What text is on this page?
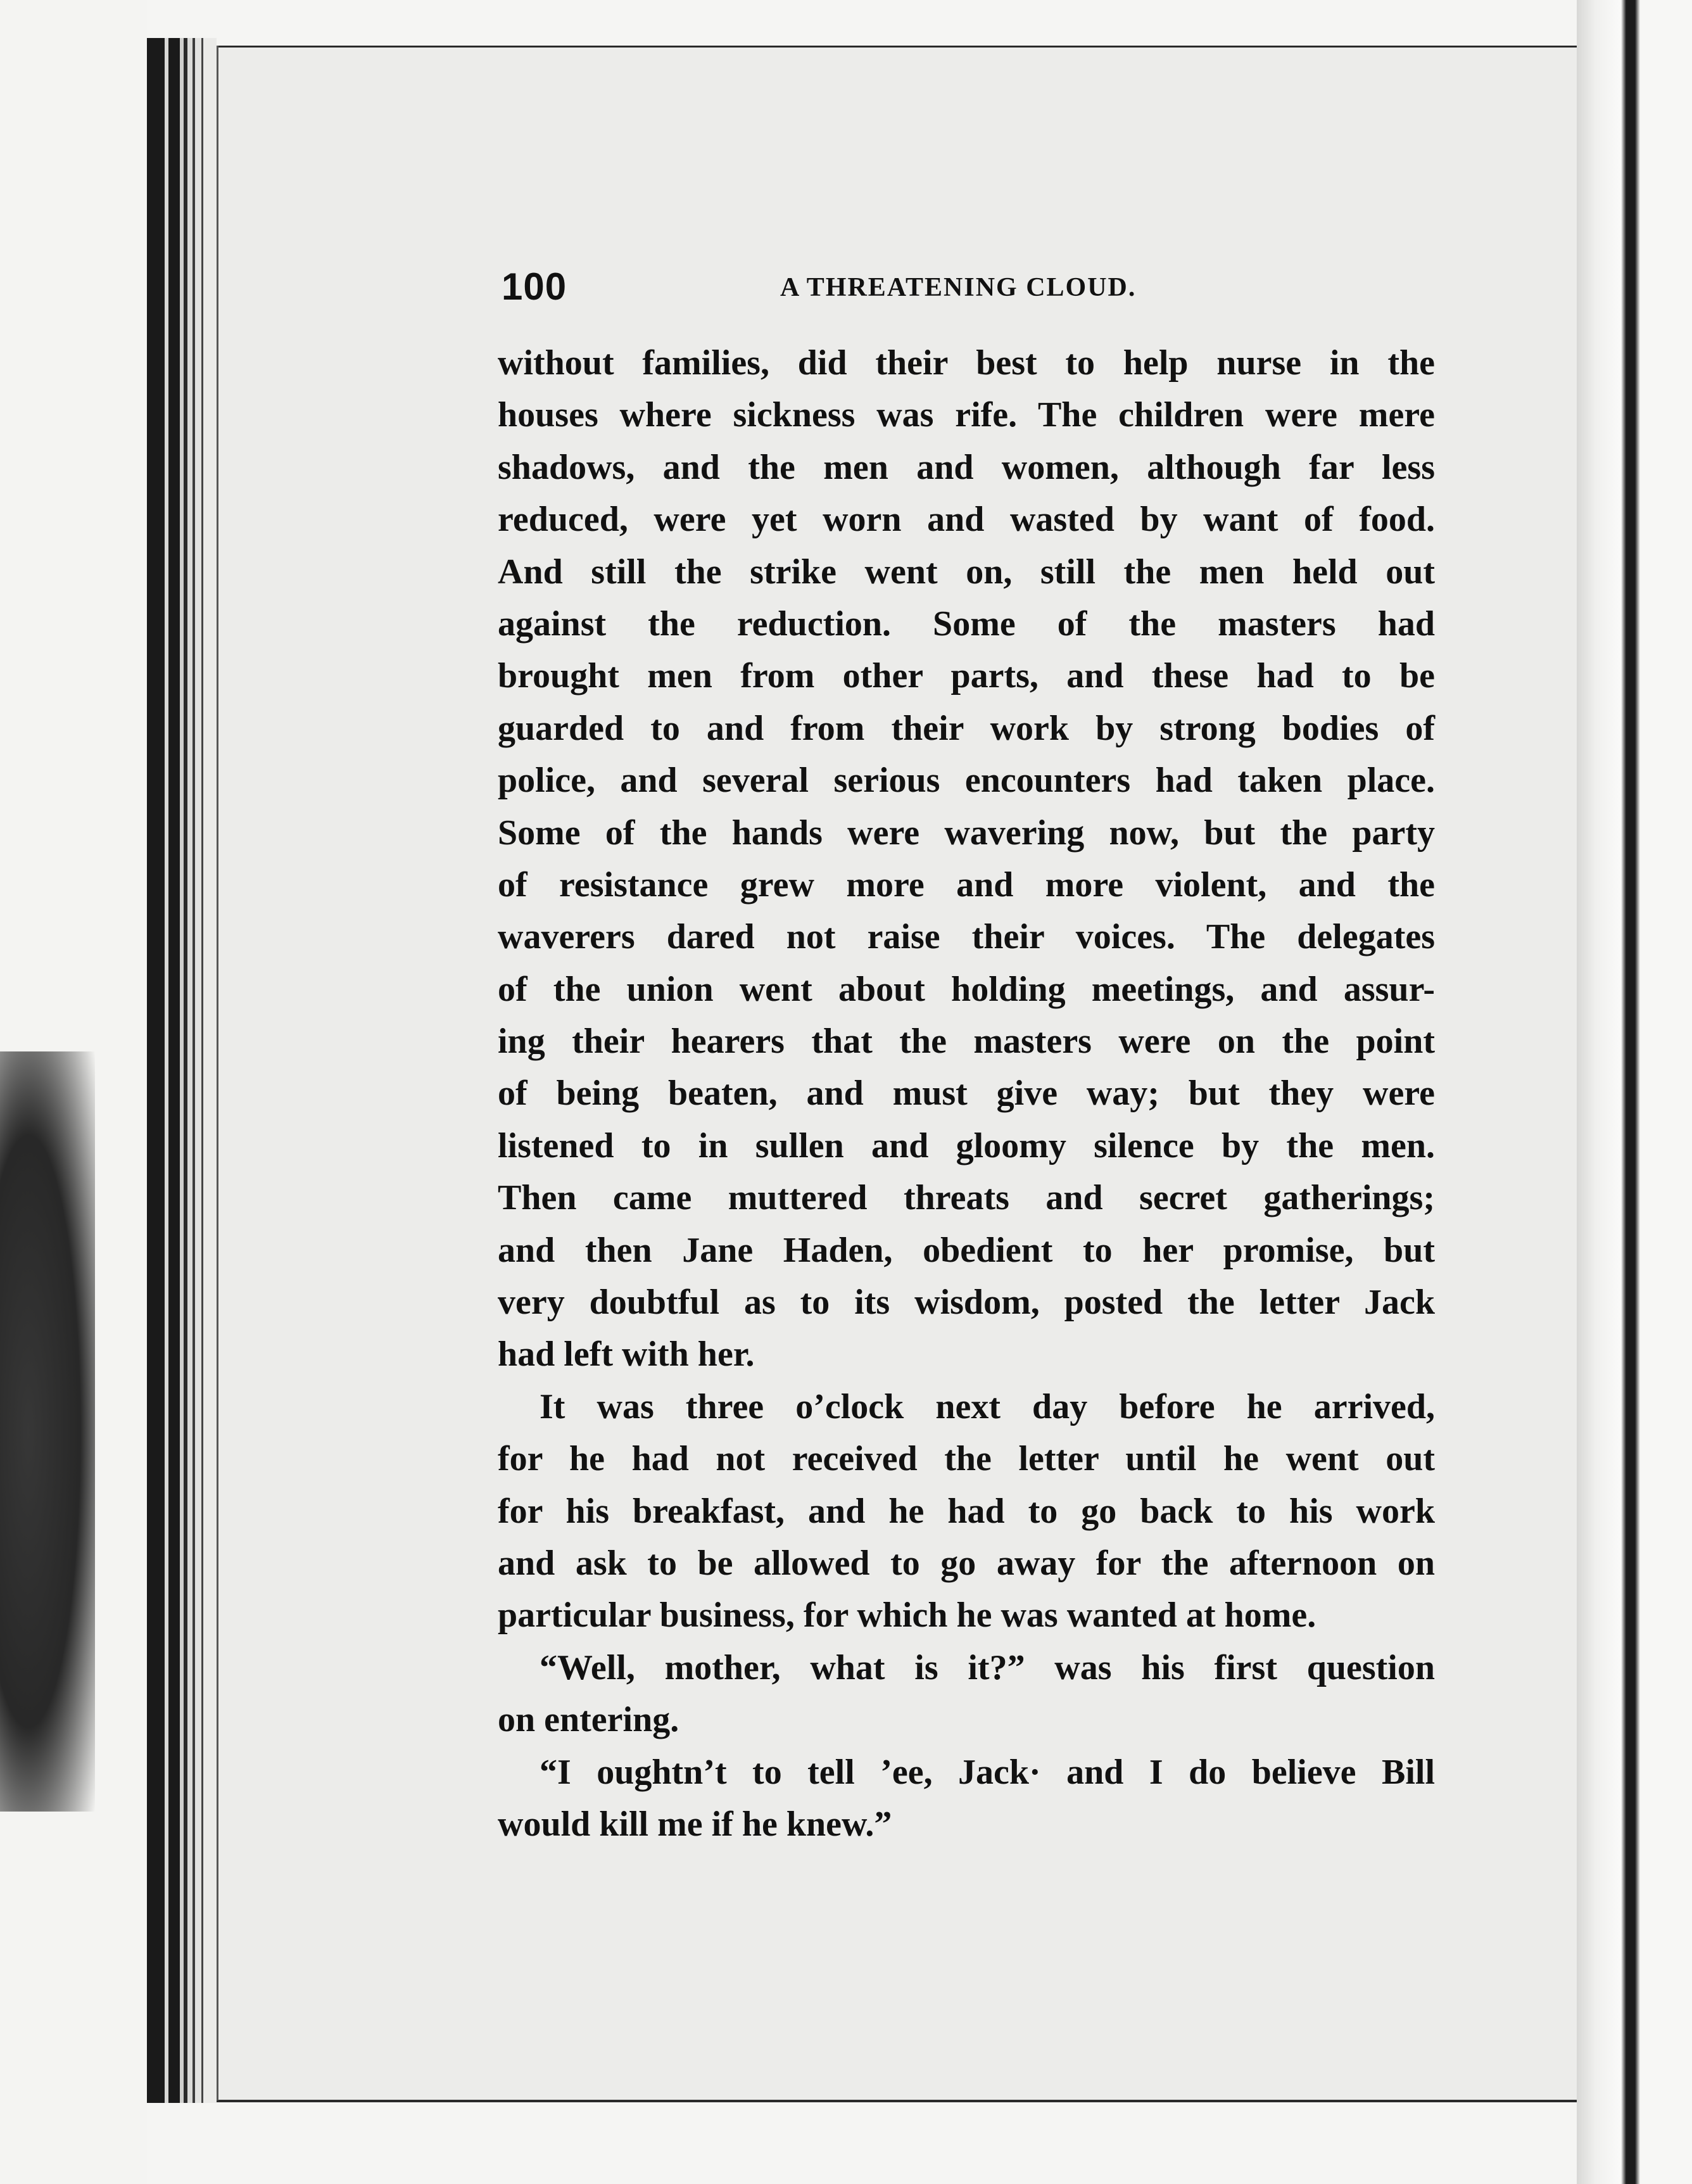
100	A THREATENING CLOUD.
without families, did their best to help nurse in the
houses where sickness was rife. The children were mere
shadows, and the men and women, although far less
reduced, were yet worn and wasted by want of food.
And still the strike went on, still the men held out
against the reduction. Some of the masters had
brought men from other parts, and these had to be
guarded to and from their work by strong bodies of
police, and several serious encounters had taken place.
Some of the hands were wavering now, but the party
of resistance grew more and more violent, and the
waverers dared not raise their voices. The delegates
of the union went about holding meetings, and assur-
ing their hearers that the masters were on the point
of being beaten, and must give way; but they were
listened to in sullen and gloomy silence by the men.
Then came muttered threats and secret gatherings;
and then Jane Haden, obedient to her promise, but
very doubtful as to its wisdom, posted the letter Jack
had left with her.
It was three o’clock next day before he arrived,
for he had not received the letter until he went out
for his breakfast, and he had to go back to his work
and ask to be allowed to go away for the afternoon on
particular business, for which he was wanted at home.
“Well, mother, what is it?” was his first question
on entering.
“I oughtn’t to tell ’ee, Jack· and I do believe Bill
would kill me if he knew.”
